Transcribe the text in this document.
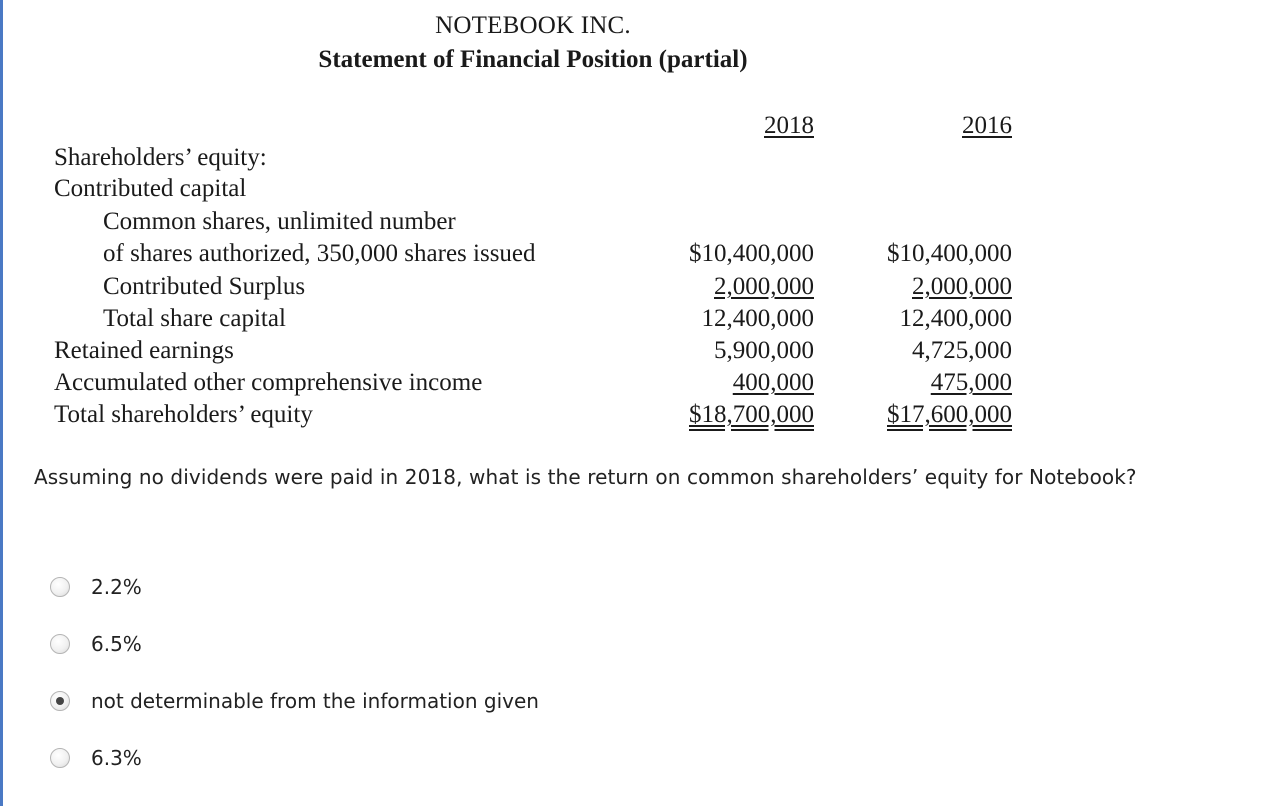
NOTEBOOK INC.
Statement of Financial Position (partial)
2018	2016
Shareholders’ equity:
Contributed capital
Common shares, unlimited number
of shares authorized, 350,000 shares issued
Contributed Surplus
Total share capital
Retained earnings
Accumulated other comprehensive income
Total shareholders’ equity
$10,400,000
2,000,000
12,400,000
5,900,000
400,000
$18,700,000
$10,400,000
2,000,000
12,400,000
4,725,000
475,000
$17,600,000
Assuming no dividends were paid in 2018, what is the return on common shareholders’ equity for Notebook?
2.2%
6.5%
not determinable from the information given
6.3%
